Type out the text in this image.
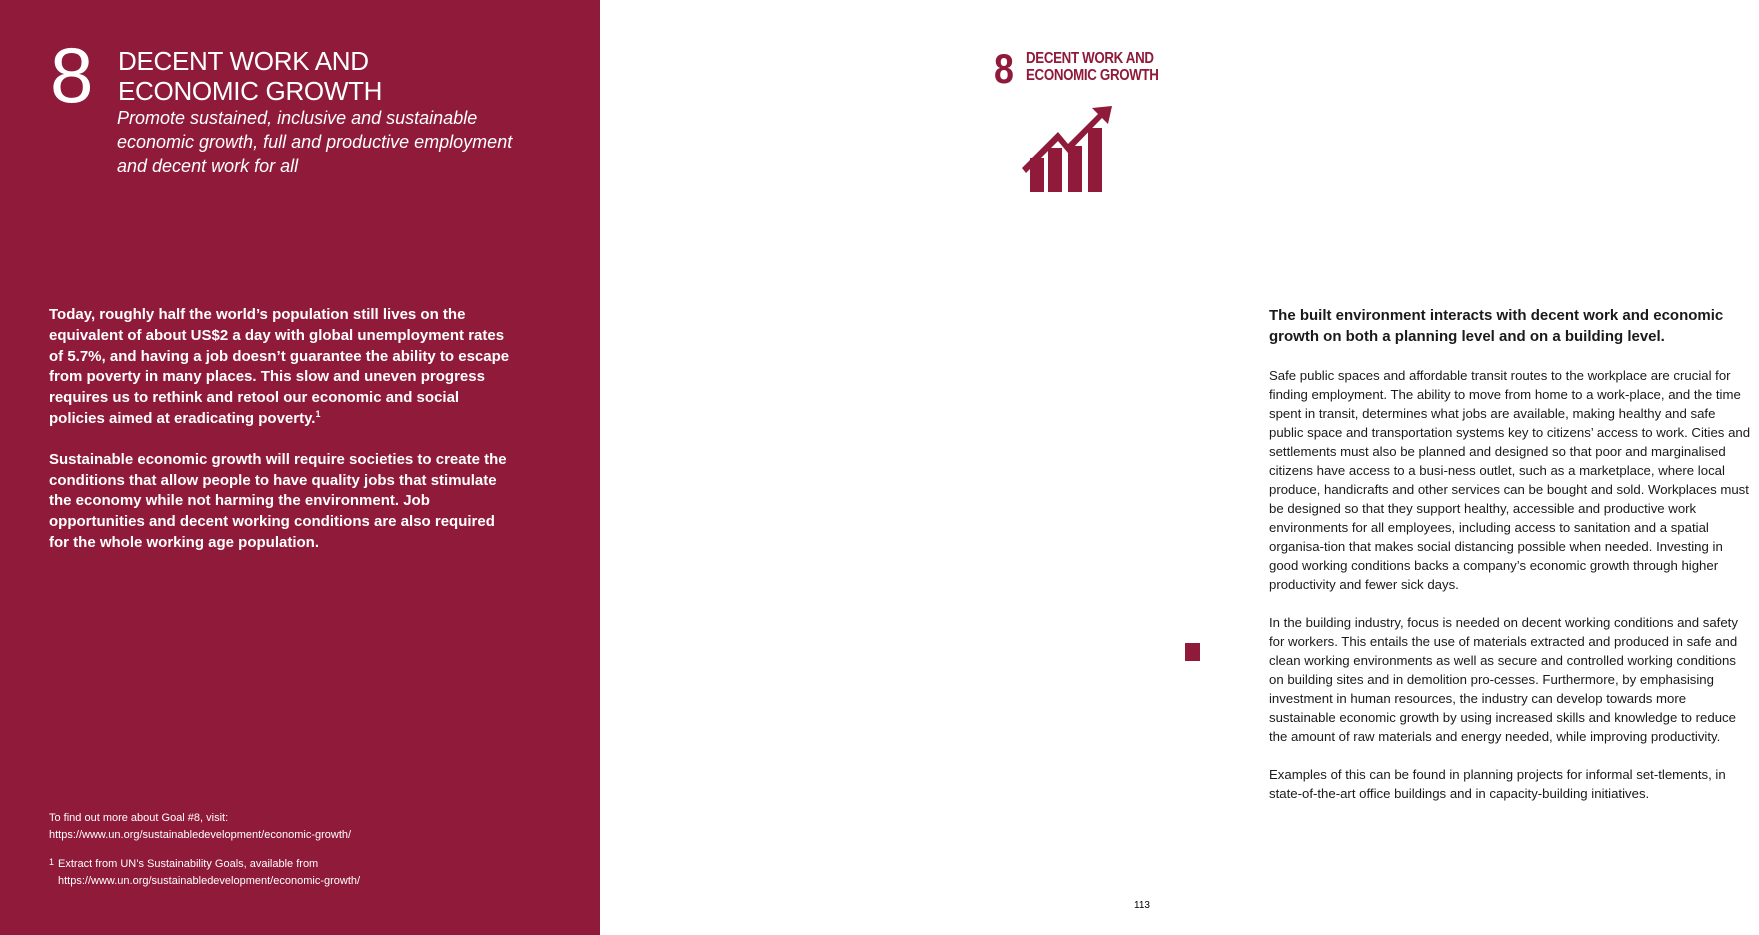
8 DECENT WORK AND
ECONOMIC GROWTH
Promote sustained, inclusive and sustainable economic growth, full and productive employment and decent work for all

Today, roughly half the world’s population still lives on the equivalent of about US$2 a day with global unemployment rates of 5.7%, and having a job doesn’t guarantee the ability to escape from poverty in many places. This slow and uneven progress requires us to rethink and retool our economic and social policies aimed at eradicating poverty.$^1$

Sustainable economic growth will require societies to create the conditions that allow people to have quality jobs that stimulate the economy while not harming the environment. Job opportunities and decent working conditions are also required for the whole working age population.

To find out more about Goal #8, visit:
https://www.un.org/sustainabledevelopment/economic-growth/
1 Extract from UN’s Sustainability Goals, available from
https://www.un.org/sustainabledevelopment/economic-growth/
The built environment interacts with decent work and economic growth on both a planning level and on a building level.

Safe public spaces and affordable transit routes to the workplace are crucial for finding employment. The ability to move from home to a work-place, and the time spent in transit, determines what jobs are available, making healthy and safe public space and transportation systems key to citizens’ access to work. Cities and settlements must also be planned and designed so that poor and marginalised citizens have access to a busi-ness outlet, such as a marketplace, where local produce, handicrafts and other services can be bought and sold. Workplaces must be designed so that they support healthy, accessible and productive work environments for all employees, including access to sanitation and a spatial organisa-tion that makes social distancing possible when needed. Investing in good working conditions backs a company’s economic growth through higher productivity and fewer sick days.

In the building industry, focus is needed on decent working conditions and safety for workers. This entails the use of materials extracted and produced in safe and clean working environments as well as secure and controlled working conditions on building sites and in demolition pro-cesses. Furthermore, by emphasising investment in human resources, the industry can develop towards more sustainable economic growth by using increased skills and knowledge to reduce the amount of raw materials and energy needed, while improving productivity.

Examples of this can be found in planning projects for informal set-tlements, in state-of-the-art office buildings and in capacity-building initiatives.

8 DECENT WORK AND
ECONOMIC GROWTH
113
